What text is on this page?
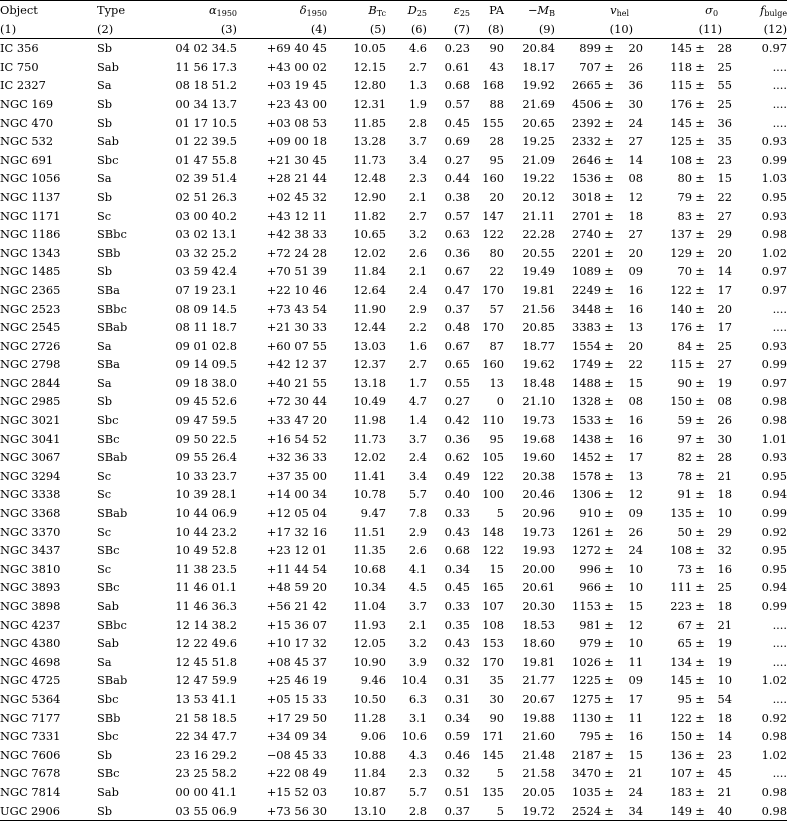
Object	Type	$\alpha_{1950}$	$\delta_{1950}$	$B_{Tc}$	$D_{25}$	$\varepsilon_{25}$	PA	$-M_B$	$v_{hel}$			$\sigma_0$			$f_{bulge}$
(1)	(2)	(3)	(4)	(5)	(6)	(7)	(8)	(9)	(10)			(11)			(12)
IC 356	Sb	04 02 34.5	+69 40 45	10.05	4.6	0.23	90	20.84	899	±	20	145	±	28	0.97
IC 750	Sab	11 56 17.3	+43 00 02	12.15	2.7	0.61	43	18.17	707	±	26	118	±	25	....
IC 2327	Sa	08 18 51.2	+03 19 45	12.80	1.3	0.68	168	19.92	2665	±	36	115	±	55	....
NGC 169	Sb	00 34 13.7	+23 43 00	12.31	1.9	0.57	88	21.69	4506	±	30	176	±	25	....
NGC 470	Sb	01 17 10.5	+03 08 53	11.85	2.8	0.45	155	20.65	2392	±	24	145	±	36	....
NGC 532	Sab	01 22 39.5	+09 00 18	13.28	3.7	0.69	28	19.25	2332	±	27	125	±	35	0.93
NGC 691	Sbc	01 47 55.8	+21 30 45	11.73	3.4	0.27	95	21.09	2646	±	14	108	±	23	0.99
NGC 1056	Sa	02 39 51.4	+28 21 44	12.48	2.3	0.44	160	19.22	1536	±	08	80	±	15	1.03
NGC 1137	Sb	02 51 26.3	+02 45 32	12.90	2.1	0.38	20	20.12	3018	±	12	79	±	22	0.95
NGC 1171	Sc	03 00 40.2	+43 12 11	11.82	2.7	0.57	147	21.11	2701	±	18	83	±	27	0.93
NGC 1186	SBbc	03 02 13.1	+42 38 33	10.65	3.2	0.63	122	22.28	2740	±	27	137	±	29	0.98
NGC 1343	SBb	03 32 25.2	+72 24 28	12.02	2.6	0.36	80	20.55	2201	±	20	129	±	20	1.02
NGC 1485	Sb	03 59 42.4	+70 51 39	11.84	2.1	0.67	22	19.49	1089	±	09	70	±	14	0.97
NGC 2365	SBa	07 19 23.1	+22 10 46	12.64	2.4	0.47	170	19.81	2249	±	16	122	±	17	0.97
NGC 2523	SBbc	08 09 14.5	+73 43 54	11.90	2.9	0.37	57	21.56	3448	±	16	140	±	20	....
NGC 2545	SBab	08 11 18.7	+21 30 33	12.44	2.2	0.48	170	20.85	3383	±	13	176	±	17	....
NGC 2726	Sa	09 01 02.8	+60 07 55	13.03	1.6	0.67	87	18.77	1554	±	20	84	±	25	0.93
NGC 2798	SBa	09 14 09.5	+42 12 37	12.37	2.7	0.65	160	19.62	1749	±	22	115	±	27	0.99
NGC 2844	Sa	09 18 38.0	+40 21 55	13.18	1.7	0.55	13	18.48	1488	±	15	90	±	19	0.97
NGC 2985	Sb	09 45 52.6	+72 30 44	10.49	4.7	0.27	0	21.10	1328	±	08	150	±	08	0.98
NGC 3021	Sbc	09 47 59.5	+33 47 20	11.98	1.4	0.42	110	19.73	1533	±	16	59	±	26	0.98
NGC 3041	SBc	09 50 22.5	+16 54 52	11.73	3.7	0.36	95	19.68	1438	±	16	97	±	30	1.01
NGC 3067	SBab	09 55 26.4	+32 36 33	12.02	2.4	0.62	105	19.60	1452	±	17	82	±	28	0.93
NGC 3294	Sc	10 33 23.7	+37 35 00	11.41	3.4	0.49	122	20.38	1578	±	13	78	±	21	0.95
NGC 3338	Sc	10 39 28.1	+14 00 34	10.78	5.7	0.40	100	20.46	1306	±	12	91	±	18	0.94
NGC 3368	SBab	10 44 06.9	+12 05 04	9.47	7.8	0.33	5	20.96	910	±	09	135	±	10	0.99
NGC 3370	Sc	10 44 23.2	+17 32 16	11.51	2.9	0.43	148	19.73	1261	±	26	50	±	29	0.92
NGC 3437	SBc	10 49 52.8	+23 12 01	11.35	2.6	0.68	122	19.93	1272	±	24	108	±	32	0.95
NGC 3810	Sc	11 38 23.5	+11 44 54	10.68	4.1	0.34	15	20.00	996	±	10	73	±	16	0.95
NGC 3893	SBc	11 46 01.1	+48 59 20	10.34	4.5	0.45	165	20.61	966	±	10	111	±	25	0.94
NGC 3898	Sab	11 46 36.3	+56 21 42	11.04	3.7	0.33	107	20.30	1153	±	15	223	±	18	0.99
NGC 4237	SBbc	12 14 38.2	+15 36 07	11.93	2.1	0.35	108	18.53	981	±	12	67	±	21	....
NGC 4380	Sab	12 22 49.6	+10 17 32	12.05	3.2	0.43	153	18.60	979	±	10	65	±	19	....
NGC 4698	Sa	12 45 51.8	+08 45 37	10.90	3.9	0.32	170	19.81	1026	±	11	134	±	19	....
NGC 4725	SBab	12 47 59.9	+25 46 19	9.46	10.4	0.31	35	21.77	1225	±	09	145	±	10	1.02
NGC 5364	Sbc	13 53 41.1	+05 15 33	10.50	6.3	0.31	30	20.67	1275	±	17	95	±	54	....
NGC 7177	SBb	21 58 18.5	+17 29 50	11.28	3.1	0.34	90	19.88	1130	±	11	122	±	18	0.92
NGC 7331	Sbc	22 34 47.7	+34 09 34	9.06	10.6	0.59	171	21.60	795	±	16	150	±	14	0.98
NGC 7606	Sb	23 16 29.2	−08 45 33	10.88	4.3	0.46	145	21.48	2187	±	15	136	±	23	1.02
NGC 7678	SBc	23 25 58.2	+22 08 49	11.84	2.3	0.32	5	21.58	3470	±	21	107	±	45	....
NGC 7814	Sab	00 00 41.1	+15 52 03	10.87	5.7	0.51	135	20.05	1035	±	24	183	±	21	0.98
UGC 2906	Sb	03 55 06.9	+73 56 30	13.10	2.8	0.37	5	19.72	2524	±	34	149	±	40	0.98
